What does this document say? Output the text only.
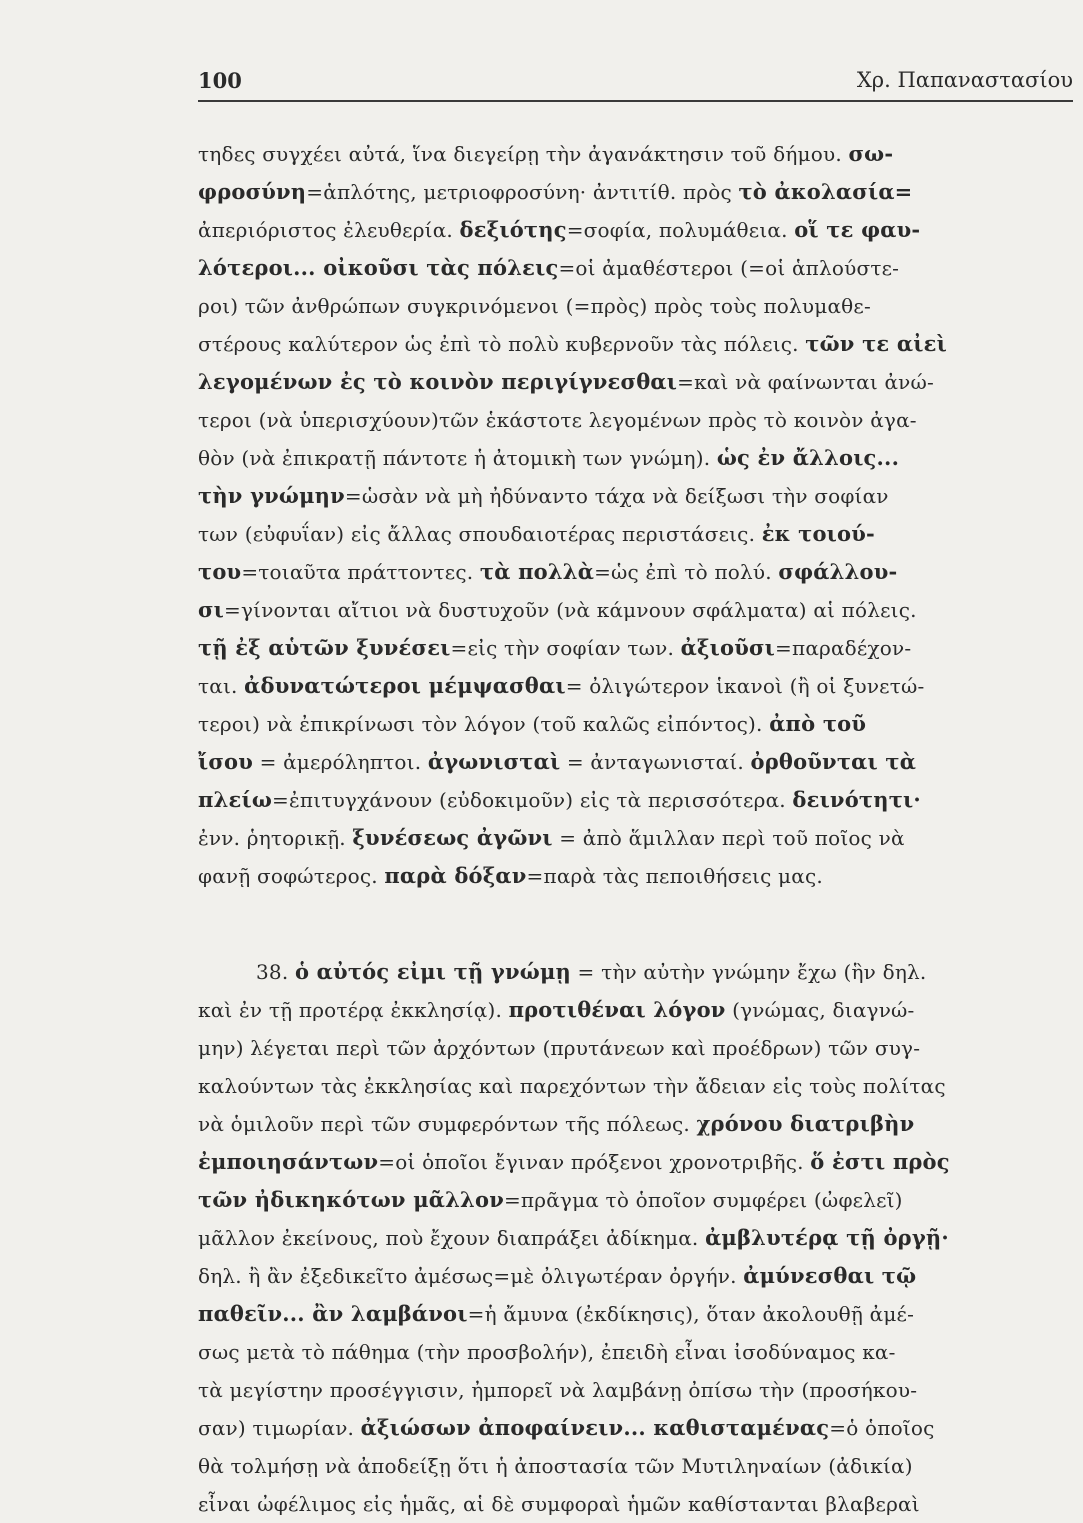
100	Χρ. Παπαναστασίου
τηδες συγχέει αὐτά, ἵνα διεγείρῃ τὴν ἀγανάκτησιν τοῦ δήμου. σω-
φροσύνη=ἁπλότης, μετριοφροσύνη· ἀντιτίθ. πρὸς τὸ ἀκολασία=
ἀπεριόριστος ἐλευθερία. δεξιότης=σοφία, πολυμάθεια. οἵ τε φαυ-
λότεροι... οἰκοῦσι τὰς πόλεις=οἱ ἀμαθέστεροι (=οἱ ἁπλούστε-
ροι) τῶν ἀνθρώπων συγκρινόμενοι (=πρὸς) πρὸς τοὺς πολυμαθε-
στέρους καλύτερον ὡς ἐπὶ τὸ πολὺ κυβερνοῦν τὰς πόλεις. τῶν τε αἰεὶ
λεγομένων ἐς τὸ κοινὸν περιγίγνεσθαι=καὶ νὰ φαίνωνται ἀνώ-
τεροι (νὰ ὑπερισχύουν)τῶν ἑκάστοτε λεγομένων πρὸς τὸ κοινὸν ἀγα-
θὸν (νὰ ἐπικρατῇ πάντοτε ἡ ἀτομικὴ των γνώμη). ὡς ἐν ἄλλοις...
τὴν γνώμην=ὡσὰν νὰ μὴ ἠδύναντο τάχα νὰ δείξωσι τὴν σοφίαν
των (εὐφυΐαν) εἰς ἄλλας σπουδαιοτέρας περιστάσεις. ἐκ τοιού-
του=τοιαῦτα πράττοντες. τὰ πολλὰ=ὡς ἐπὶ τὸ πολύ. σφάλλου-
σι=γίνονται αἴτιοι νὰ δυστυχοῦν (νὰ κάμνουν σφάλματα) αἱ πόλεις.
τῇ ἐξ αὑτῶν ξυνέσει=εἰς τὴν σοφίαν των. ἀξιοῦσι=παραδέχον-
ται. ἀδυνατώτεροι μέμψασθαι= ὀλιγώτερον ἱκανοὶ (ἢ οἱ ξυνετώ-
τεροι) νὰ ἐπικρίνωσι τὸν λόγον (τοῦ καλῶς εἰπόντος). ἀπὸ τοῦ
ἴσου = ἀμερόληπτοι. ἀγωνισταὶ = ἀνταγωνισταί. ὀρθοῦνται τὰ
πλείω=ἐπιτυγχάνουν (εὐδοκιμοῦν) εἰς τὰ περισσότερα. δεινότητι·
ἐνν. ῥητορικῇ. ξυνέσεως ἀγῶνι = ἀπὸ ἅμιλλαν περὶ τοῦ ποῖος νὰ
φανῇ σοφώτερος. παρὰ δόξαν=παρὰ τὰς πεποιθήσεις μας.
38. ὁ αὐτός εἰμι τῇ γνώμῃ = τὴν αὐτὴν γνώμην ἔχω (ἣν δηλ.
καὶ ἐν τῇ προτέρᾳ ἐκκλησίᾳ). προτιθέναι λόγον (γνώμας, διαγνώ-
μην) λέγεται περὶ τῶν ἀρχόντων (πρυτάνεων καὶ προέδρων) τῶν συγ-
καλούντων τὰς ἐκκλησίας καὶ παρεχόντων τὴν ἄδειαν εἰς τοὺς πολίτας
νὰ ὁμιλοῦν περὶ τῶν συμφερόντων τῆς πόλεως. χρόνου διατριβὴν
ἐμποιησάντων=οἱ ὁποῖοι ἔγιναν πρόξενοι χρονοτριβῆς. ὅ ἐστι πρὸς
τῶν ἠδικηκότων μᾶλλον=πρᾶγμα τὸ ὁποῖον συμφέρει (ὠφελεῖ)
μᾶλλον ἐκείνους, ποὺ ἔχουν διαπράξει ἀδίκημα. ἀμβλυτέρᾳ τῇ ὀργῇ·
δηλ. ἢ ἂν ἐξεδικεῖτο ἀμέσως=μὲ ὀλιγωτέραν ὀργήν. ἀμύνεσθαι τῷ
παθεῖν... ἂν λαμβάνοι=ἡ ἄμυνα (ἐκδίκησις), ὅταν ἀκολουθῇ ἀμέ-
σως μετὰ τὸ πάθημα (τὴν προσβολήν), ἐπειδὴ εἶναι ἰσοδύναμος κα-
τὰ μεγίστην προσέγγισιν, ἠμπορεῖ νὰ λαμβάνῃ ὀπίσω τὴν (προσήκου-
σαν) τιμωρίαν. ἀξιώσων ἀποφαίνειν... καθισταμένας=ὁ ὁποῖος
θὰ τολμήσῃ νὰ ἀποδείξῃ ὅτι ἡ ἀποστασία τῶν Μυτιληναίων (ἀδικία)
εἶναι ὠφέλιμος εἰς ἡμᾶς, αἱ δὲ συμφοραὶ ἡμῶν καθίστανται βλαβεραὶ
